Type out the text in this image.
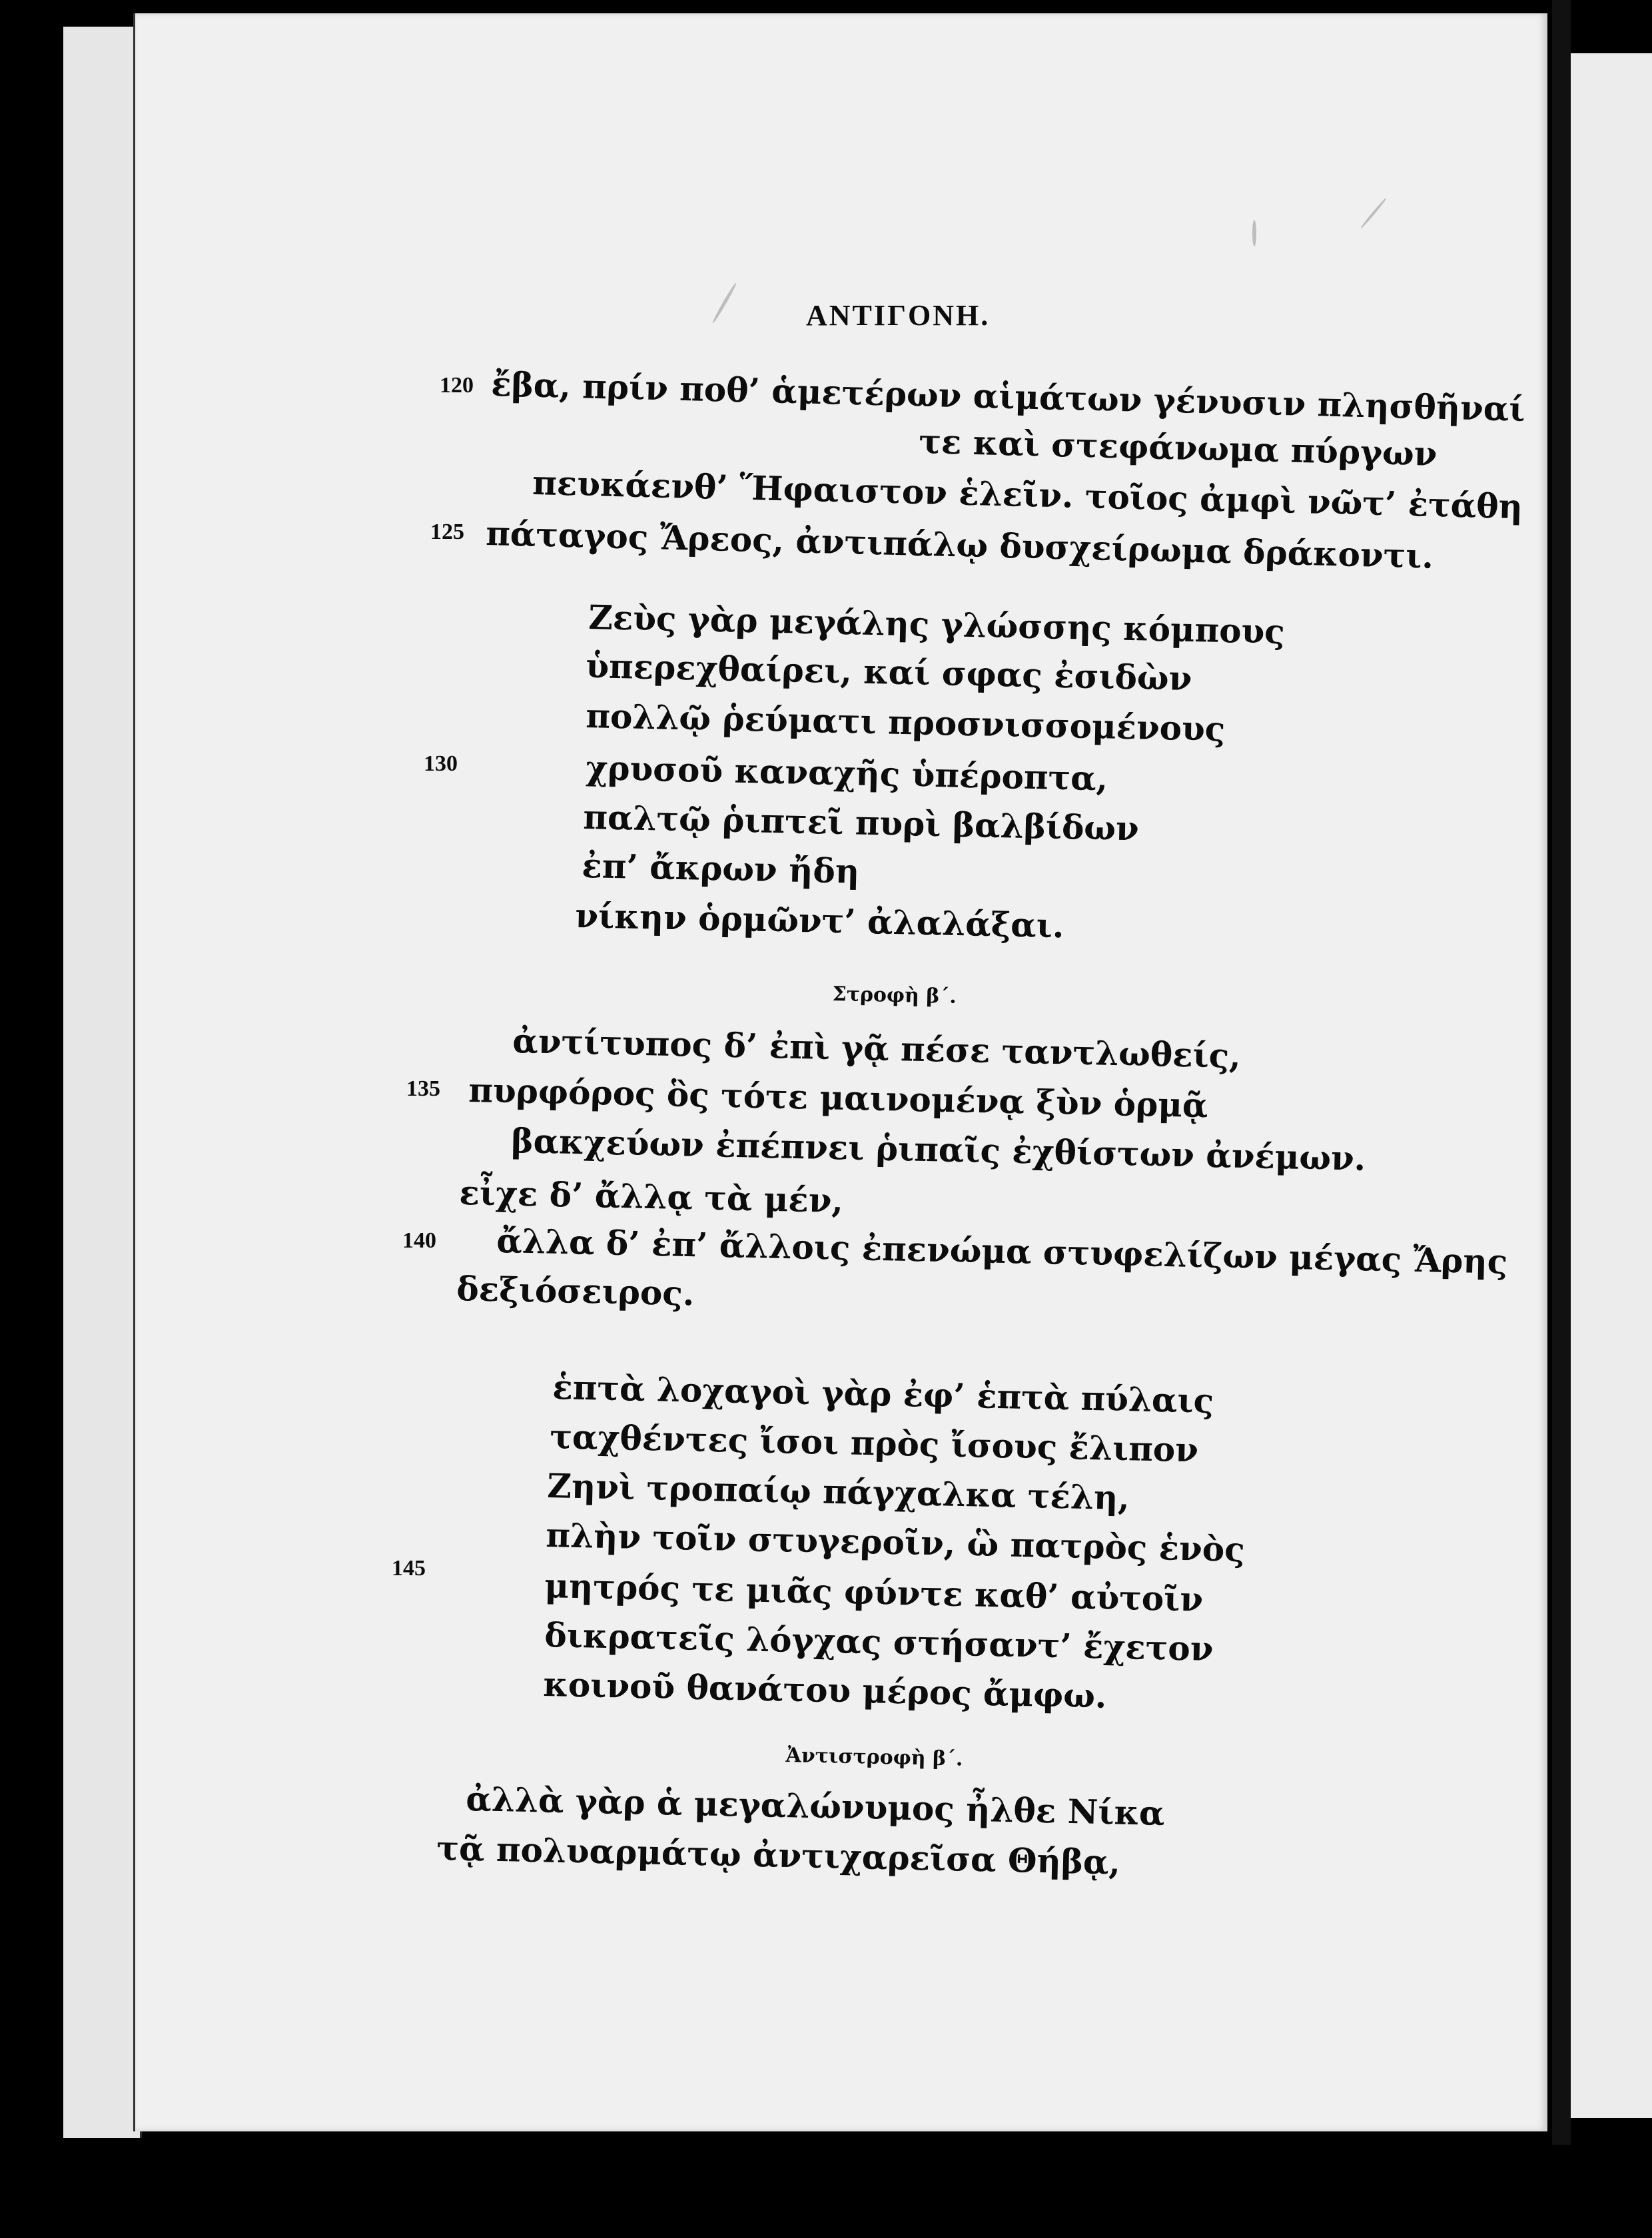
ΑΝΤΙΓΟΝΗ.
120
125
130
135
140
145
ἔβα, πρίν ποθ’ ἁμετέρων αἱμάτων γένυσιν πλησθῆναί
τε καὶ στεφάνωμα πύργων
πευκάενθ’ Ἥφαιστον ἑλεῖν. τοῖος ἀμφὶ νῶτ’ ἐτάθη
πάταγος Ἄρεος, ἀντιπάλῳ δυσχείρωμα δράκοντι.
Ζεὺς γὰρ μεγάλης γλώσσης κόμπους
ὑπερεχθαίρει, καί σφας ἐσιδὼν
πολλῷ ῥεύματι προσνισσομένους
χρυσοῦ καναχῆς ὑπέροπτα,
παλτῷ ῥιπτεῖ πυρὶ βαλβίδων
ἐπ’ ἄκρων ἤδη
νίκην ὁρμῶντ’ ἀλαλάξαι.
Στροφὴ β΄.
ἀντίτυπος δ’ ἐπὶ γᾷ πέσε ταντλωθείς,
πυρφόρος ὃς τότε μαινομένᾳ ξὺν ὁρμᾷ
βακχεύων ἐπέπνει ῥιπαῖς ἐχθίστων ἀνέμων.
εἶχε δ’ ἄλλᾳ τὰ μέν,
ἄλλα δ’ ἐπ’ ἄλλοις ἐπενώμα στυφελίζων μέγας Ἄρης
δεξιόσειρος.
ἑπτὰ λοχαγοὶ γὰρ ἐφ’ ἑπτὰ πύλαις
ταχθέντες ἴσοι πρὸς ἴσους ἔλιπον
Ζηνὶ τροπαίῳ πάγχαλκα τέλη,
πλὴν τοῖν στυγεροῖν, ὣ πατρὸς ἑνὸς
μητρός τε μιᾶς φύντε καθ’ αὐτοῖν
δικρατεῖς λόγχας στήσαντ’ ἔχετον
κοινοῦ θανάτου μέρος ἄμφω.
Ἀντιστροφὴ β΄.
ἀλλὰ γὰρ ἁ μεγαλώνυμος ἦλθε Νίκα
τᾷ πολυαρμάτῳ ἀντιχαρεῖσα Θήβᾳ,
